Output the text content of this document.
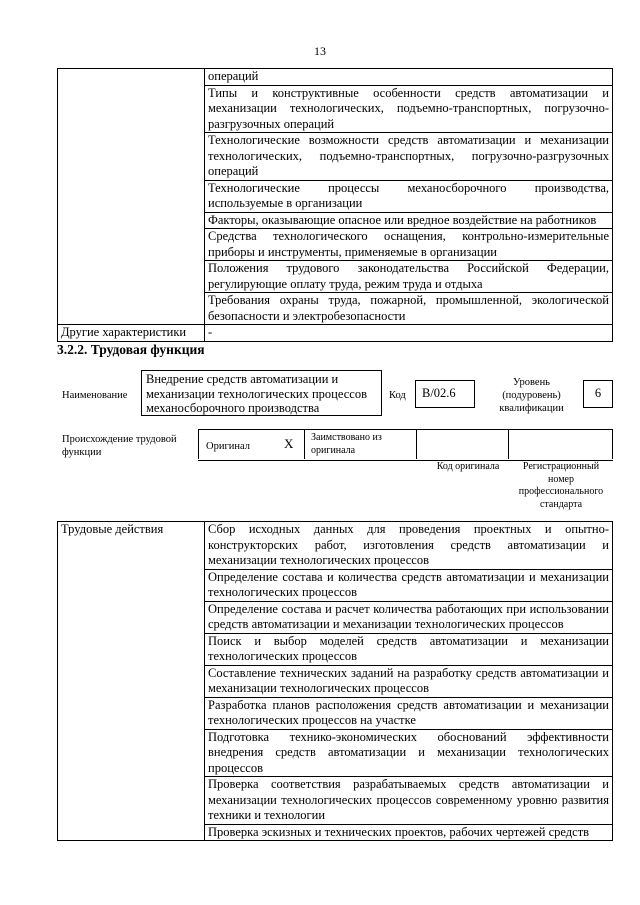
13
	операций
	Типы и конструктивные особенности средств автоматизации и механизации технологических, подъемно-транспортных, погрузочно-разгрузочных операций
	Технологические возможности средств автоматизации и механизации технологических, подъемно-транспортных, погрузочно-разгрузочных операций
	Технологические процессы механосборочного производства, используемые в организации
	Факторы, оказывающие опасное или вредное воздействие на работников
	Средства технологического оснащения, контрольно-измерительные приборы и инструменты, применяемые в организации
	Положения трудового законодательства Российской Федерации, регулирующие оплату труда, режим труда и отдыха
	Требования охраны труда, пожарной, промышленной, экологической безопасности и электробезопасности
Другие характеристики	-
3.2.2. Трудовая функция
Наименование
Внедрение средств автоматизации и механизации технологических процессов механосборочного производства
Код	В/02.6
Уровень (подуровень) квалификации
6
Происхождение трудовой функции
Оригинал	X Заимствовано из оригинала
Код оригинала	Регистрационный номер профессионального стандарта
Трудовые действия	Сбор исходных данных для проведения проектных и опытно-конструкторских работ, изготовления средств автоматизации и механизации технологических процессов
Определение состава и количества средств автоматизации и механизации технологических процессов
Определение состава и расчет количества работающих при использовании средств автоматизации и механизации технологических процессов
Поиск и выбор моделей средств автоматизации и механизации технологических процессов
Составление технических заданий на разработку средств автоматизации и механизации технологических процессов
Разработка планов расположения средств автоматизации и механизации технологических процессов на участке
Подготовка технико-экономических обоснований эффективности внедрения средств автоматизации и механизации технологических процессов
Проверка соответствия разрабатываемых средств автоматизации и механизации технологических процессов современному уровню развития техники и технологии
Проверка эскизных и технических проектов, рабочих чертежей средств
